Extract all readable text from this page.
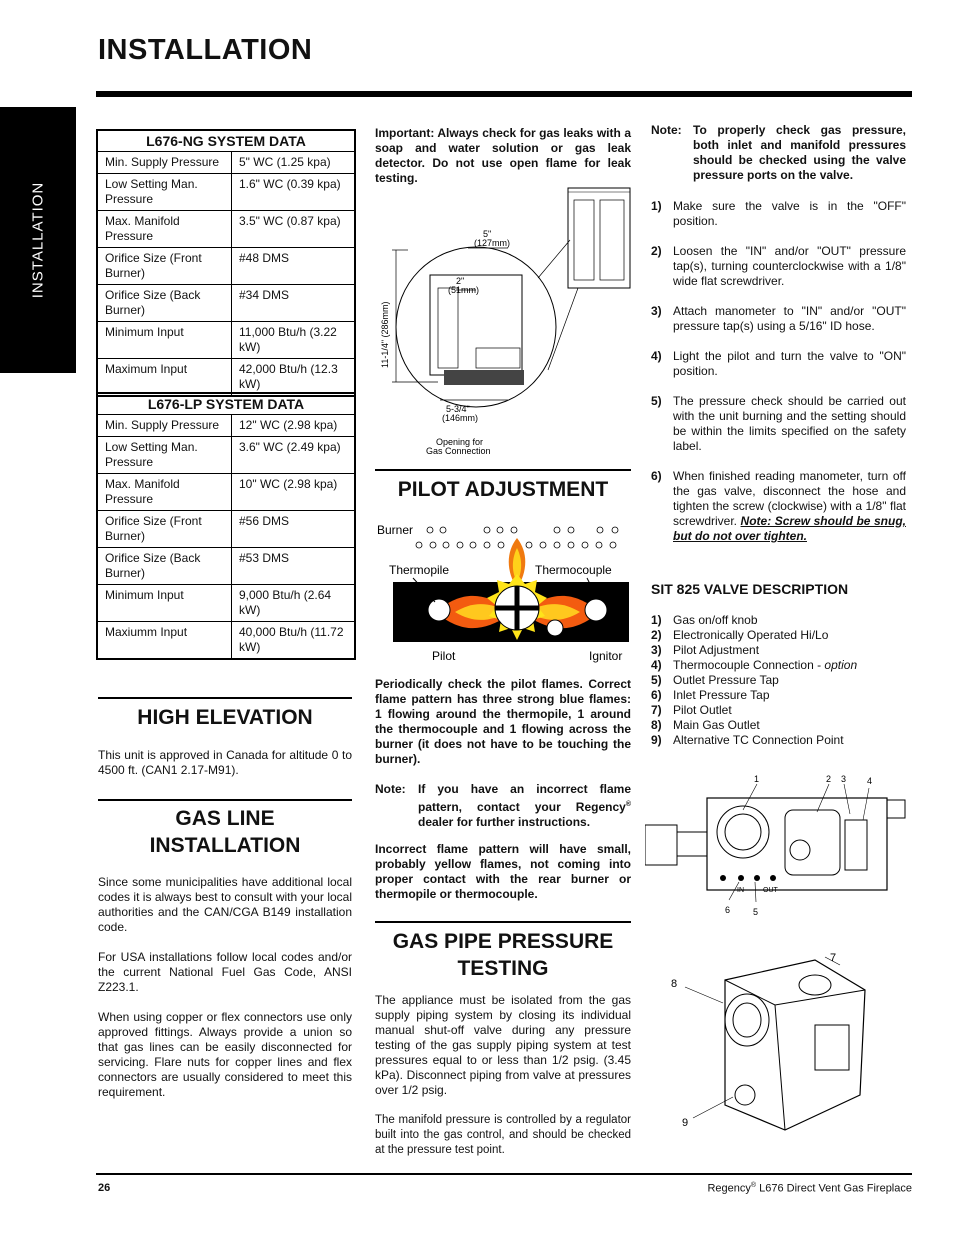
INSTALLATION
INSTALLATION
L676-NG SYSTEM DATA	
Min. Supply Pressure	5" WC (1.25 kpa)
Low Setting Man. Pressure	1.6" WC (0.39 kpa)
Max. Manifold Pressure	3.5" WC (0.87 kpa)
Orifice Size (Front Burner)	#48 DMS
Orifice Size (Back Burner)	#34 DMS
Minimum Input	11,000 Btu/h (3.22 kW)
Maximum Input	42,000 Btu/h (12.3 kW)
L676-LP SYSTEM DATA	
Min. Supply Pressure	12" WC (2.98 kpa)
Low Setting Man. Pressure	3.6" WC (2.49 kpa)
Max. Manifold Pressure	10" WC (2.98 kpa)
Orifice Size (Front Burner)	#56 DMS
Orifice Size (Back Burner)	#53 DMS
Minimum Input	9,000 Btu/h (2.64 kW)
Maxiumm Input	40,000 Btu/h (11.72 kW)
HIGH ELEVATION
This unit is approved in Canada for altitude 0 to 4500 ft. (CAN1 2.17-M91).
GAS LINE INSTALLATION

Since some municipalities have additional local codes it is always best to consult with your local authorities and the CAN/CGA B149 installation code.

For USA installations follow local codes and/or the current National Fuel Gas Code, ANSI Z223.1.

When using copper or flex connectors use only approved fittings. Always provide a union so that gas lines can be easily disconnected for servicing. Flare nuts for copper lines and flex connectors are usually considered to meet this requirement.

Important: Always check for gas leaks with a soap and water solution or gas leak detector. Do not use open flame for leak testing.
5"
(127mm)
2"
(51mm)
11-1/4" (286mm)
5-3/4"
(146mm)
Opening for
Gas Connection
PILOT ADJUSTMENT
Burner
Thermopile	Thermocouple
Pilot	Ignitor
Periodically check the pilot flames. Correct flame pattern has three strong blue flames: 1 flowing around the thermopile, 1 around the thermocouple and 1 flowing across the burner (it does not have to be touching the burner).
Note: If you have an incorrect flame pattern, contact your Regency® dealer for further instructions.
Incorrect flame pattern will have small, probably yellow flames, not coming into proper contact with the rear burner or thermopile or thermocouple.
GAS PIPE PRESSURE TESTING

The appliance must be isolated from the gas supply piping system by closing its individual manual shut-off valve during any pressure testing of the gas supply piping system at test pressures equal to or less than 1/2 psig. (3.45 kPa). Disconnect piping from valve at pressures over 1/2 psig.

The manifold pressure is controlled by a regulator built into the gas control, and should be checked at the pressure test point.

Note: To properly check gas pressure, both inlet and manifold pressures should be checked using the valve pressure ports on the valve.
1) Make sure the valve is in the "OFF" position.
2) Loosen the "IN" and/or "OUT" pressure tap(s), turning counterclockwise with a 1/8" wide flat screwdriver.
3) Attach manometer to "IN" and/or "OUT" pressure tap(s) using a 5/16" ID hose.
4) Light the pilot and turn the valve to "ON" position.
5) The pressure check should be carried out with the unit burning and the setting should be within the limits specified on the safety label.
6) When finished reading manometer, turn off the gas valve, disconnect the hose and tighten the screw (clockwise) with a 1/8" flat screwdriver. Note: Screw should be snug, but do not over tighten.
SIT 825 VALVE DESCRIPTION
1) Gas on/off knob
2) Electronically Operated Hi/Lo
3) Pilot Adjustment
4) Thermocouple Connection - option
5) Outlet Pressure Tap
6) Inlet Pressure Tap
7) Pilot Outlet
8) Main Gas Outlet
9) Alternative TC Connection Point
IN	OUT
1	2 3 4
6	5
7
8
9
26	Regency® L676 Direct Vent Gas Fireplace
